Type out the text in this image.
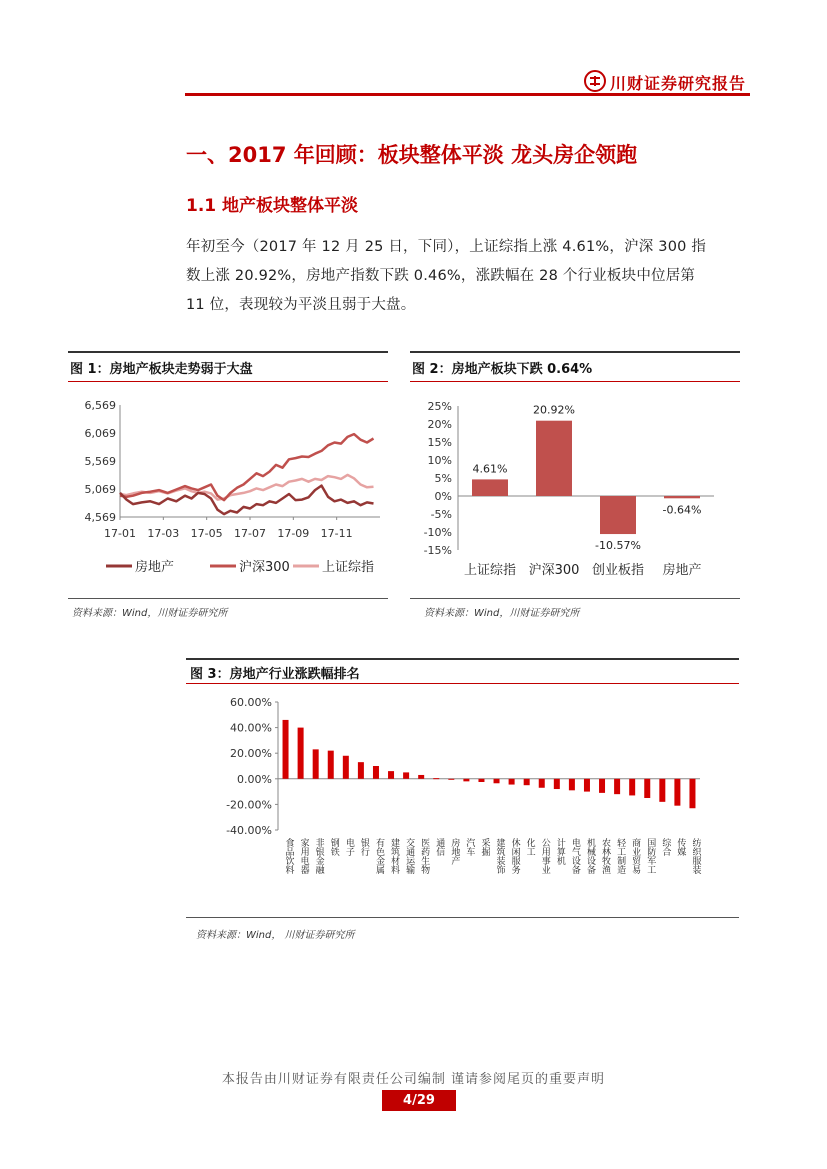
川财证券研究报告
一、2017 年回顾：板块整体平淡 龙头房企领跑
1.1 地产板块整体平淡
年初至今（2017 年 12 月 25 日，下同），上证综指上涨 4.61%，沪深 300 指
数上涨 20.92%，房地产指数下跌 0.46%，涨跌幅在 28 个行业板块中位居第
11 位，表现较为平淡且弱于大盘。
图 1：房地产板块走势弱于大盘
6,569
6,069
5,569
5,069
4,569
17-01 17-03 17-05 17-07 17-09 17-11
房地产	沪深300 上证综指
资料来源：Wind，川财证券研究所
图 2：房地产板块下跌 0.64%
25%
20%
15%
10%
5%
0%
-5%
-10%
-15%
4.61%
上证综指
20.92%
沪深300
-10.57%
创业板指
-0.64%
房地产
资料来源：Wind，川财证券研究所
图 3：房地产行业涨跌幅排名
60.00%
40.00%
20.00%
0.00%
-20.00%
-40.00%
食品饮料 家用电器 非银金融 钢铁 电子 银行 有色金属 建筑材料 交通运输 医药生物 通信 房地产 汽车 采掘 建筑装饰 休闲服务 化工 公用事业 计算机 电气设备 机械设备 农林牧渔 轻工制造 商业贸易 国防军工 综合 传媒 纺织服装
资料来源：Wind， 川财证券研究所
本报告由川财证券有限责任公司编制 谨请参阅尾页的重要声明
4/29
